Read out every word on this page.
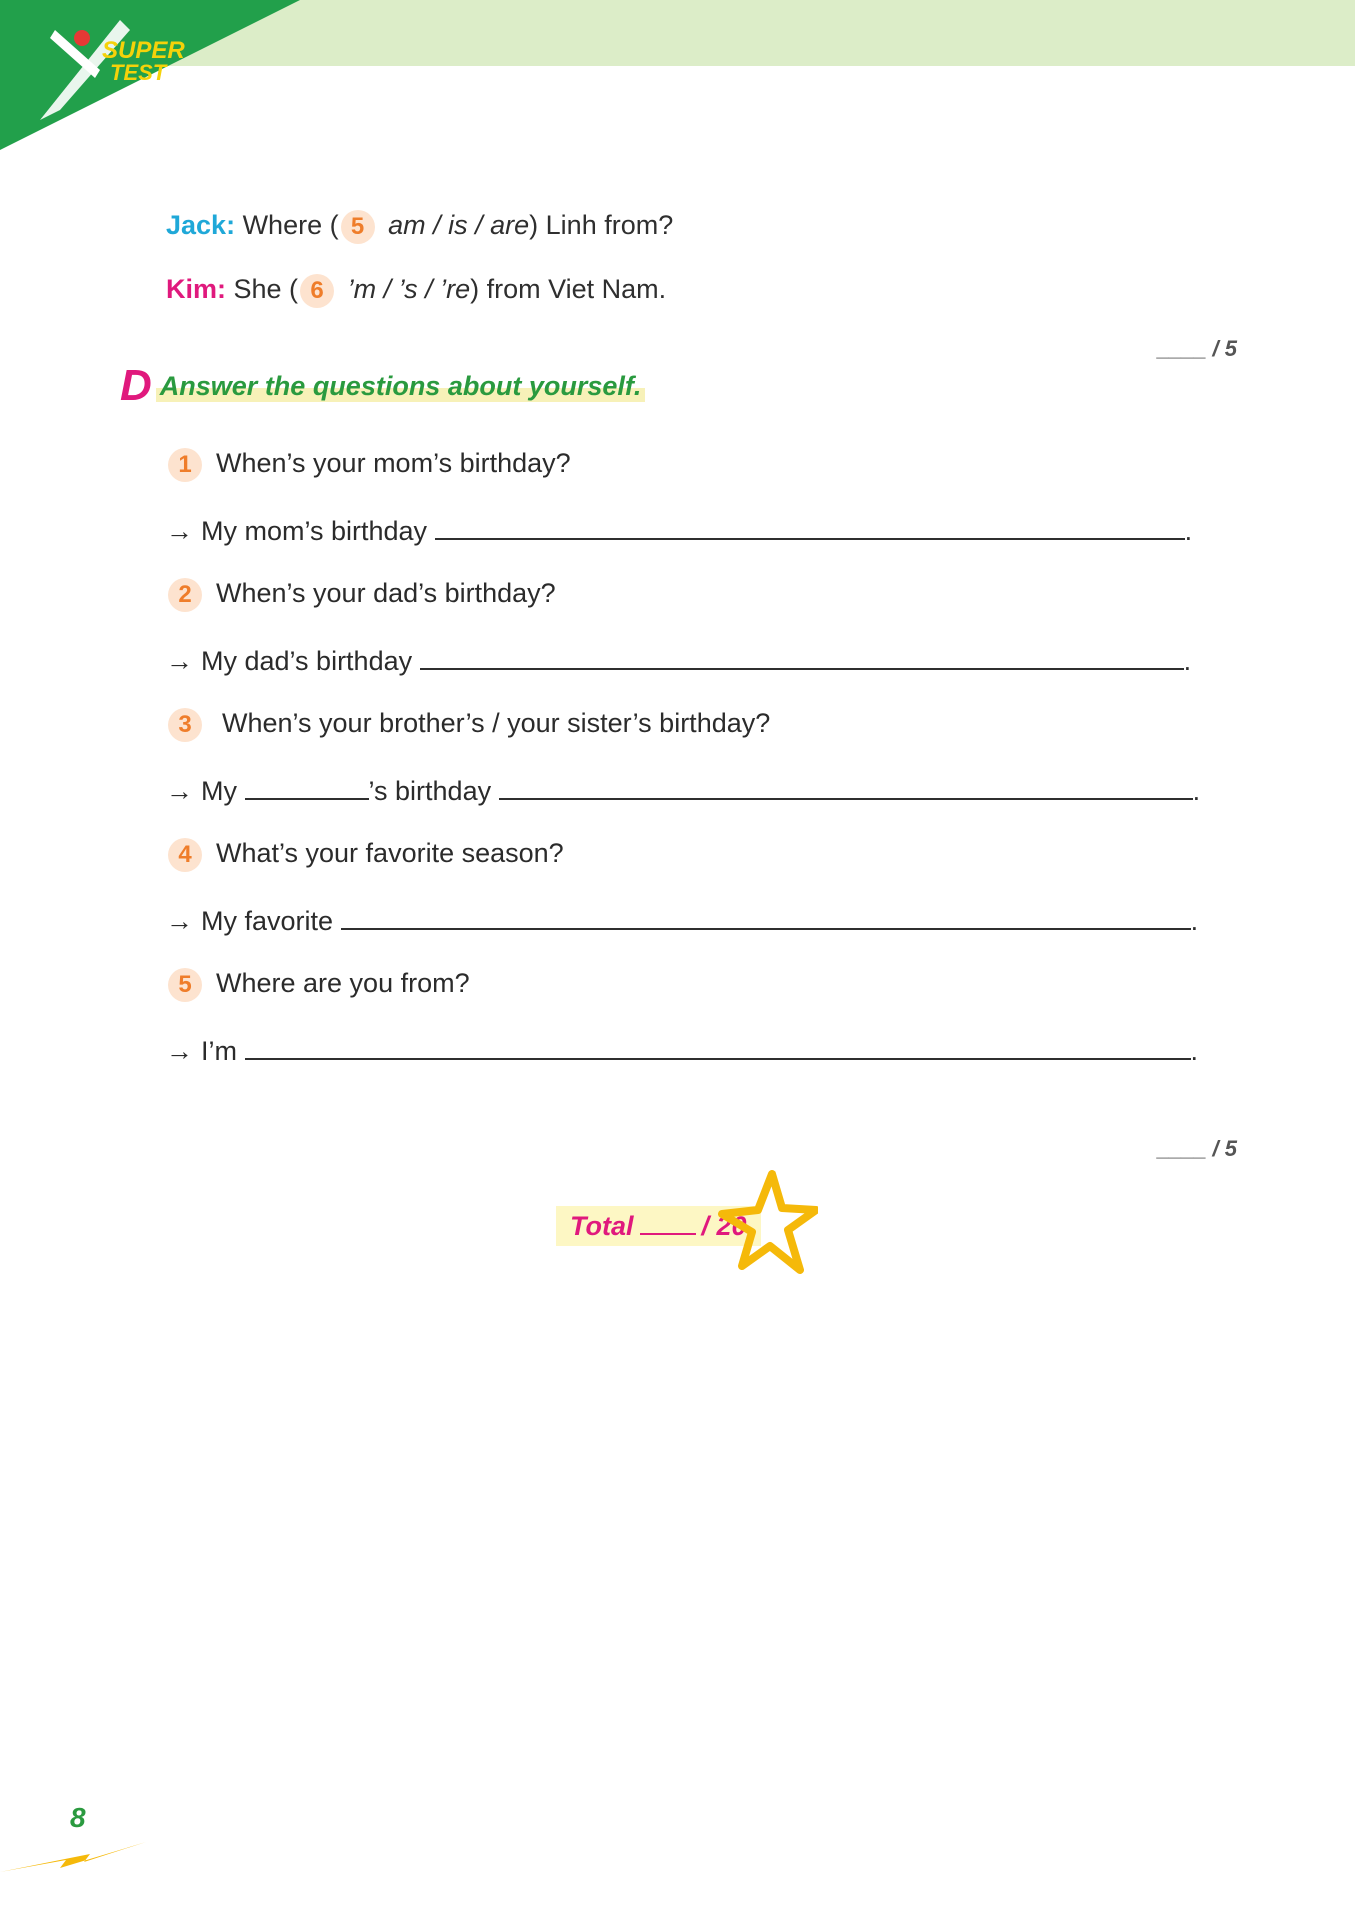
SUPER
TEST
Jack: Where ( 5 am / is / are) Linh from?
Kim: She ( 6 ’m / ’s / ’re) from Viet Nam.
____ / 5
D Answer the questions about yourself.
1 When’s your mom’s birthday?
→ My mom’s birthday	.
2 When’s your dad’s birthday?
→ My dad’s birthday	.
3 When’s your brother’s / your sister’s birthday?
→ My	’s birthday	.
4 What’s your favorite season?
→ My favorite	.
5 Where are you from?
→ I’m	.
____ / 5
Total	/ 20
8
